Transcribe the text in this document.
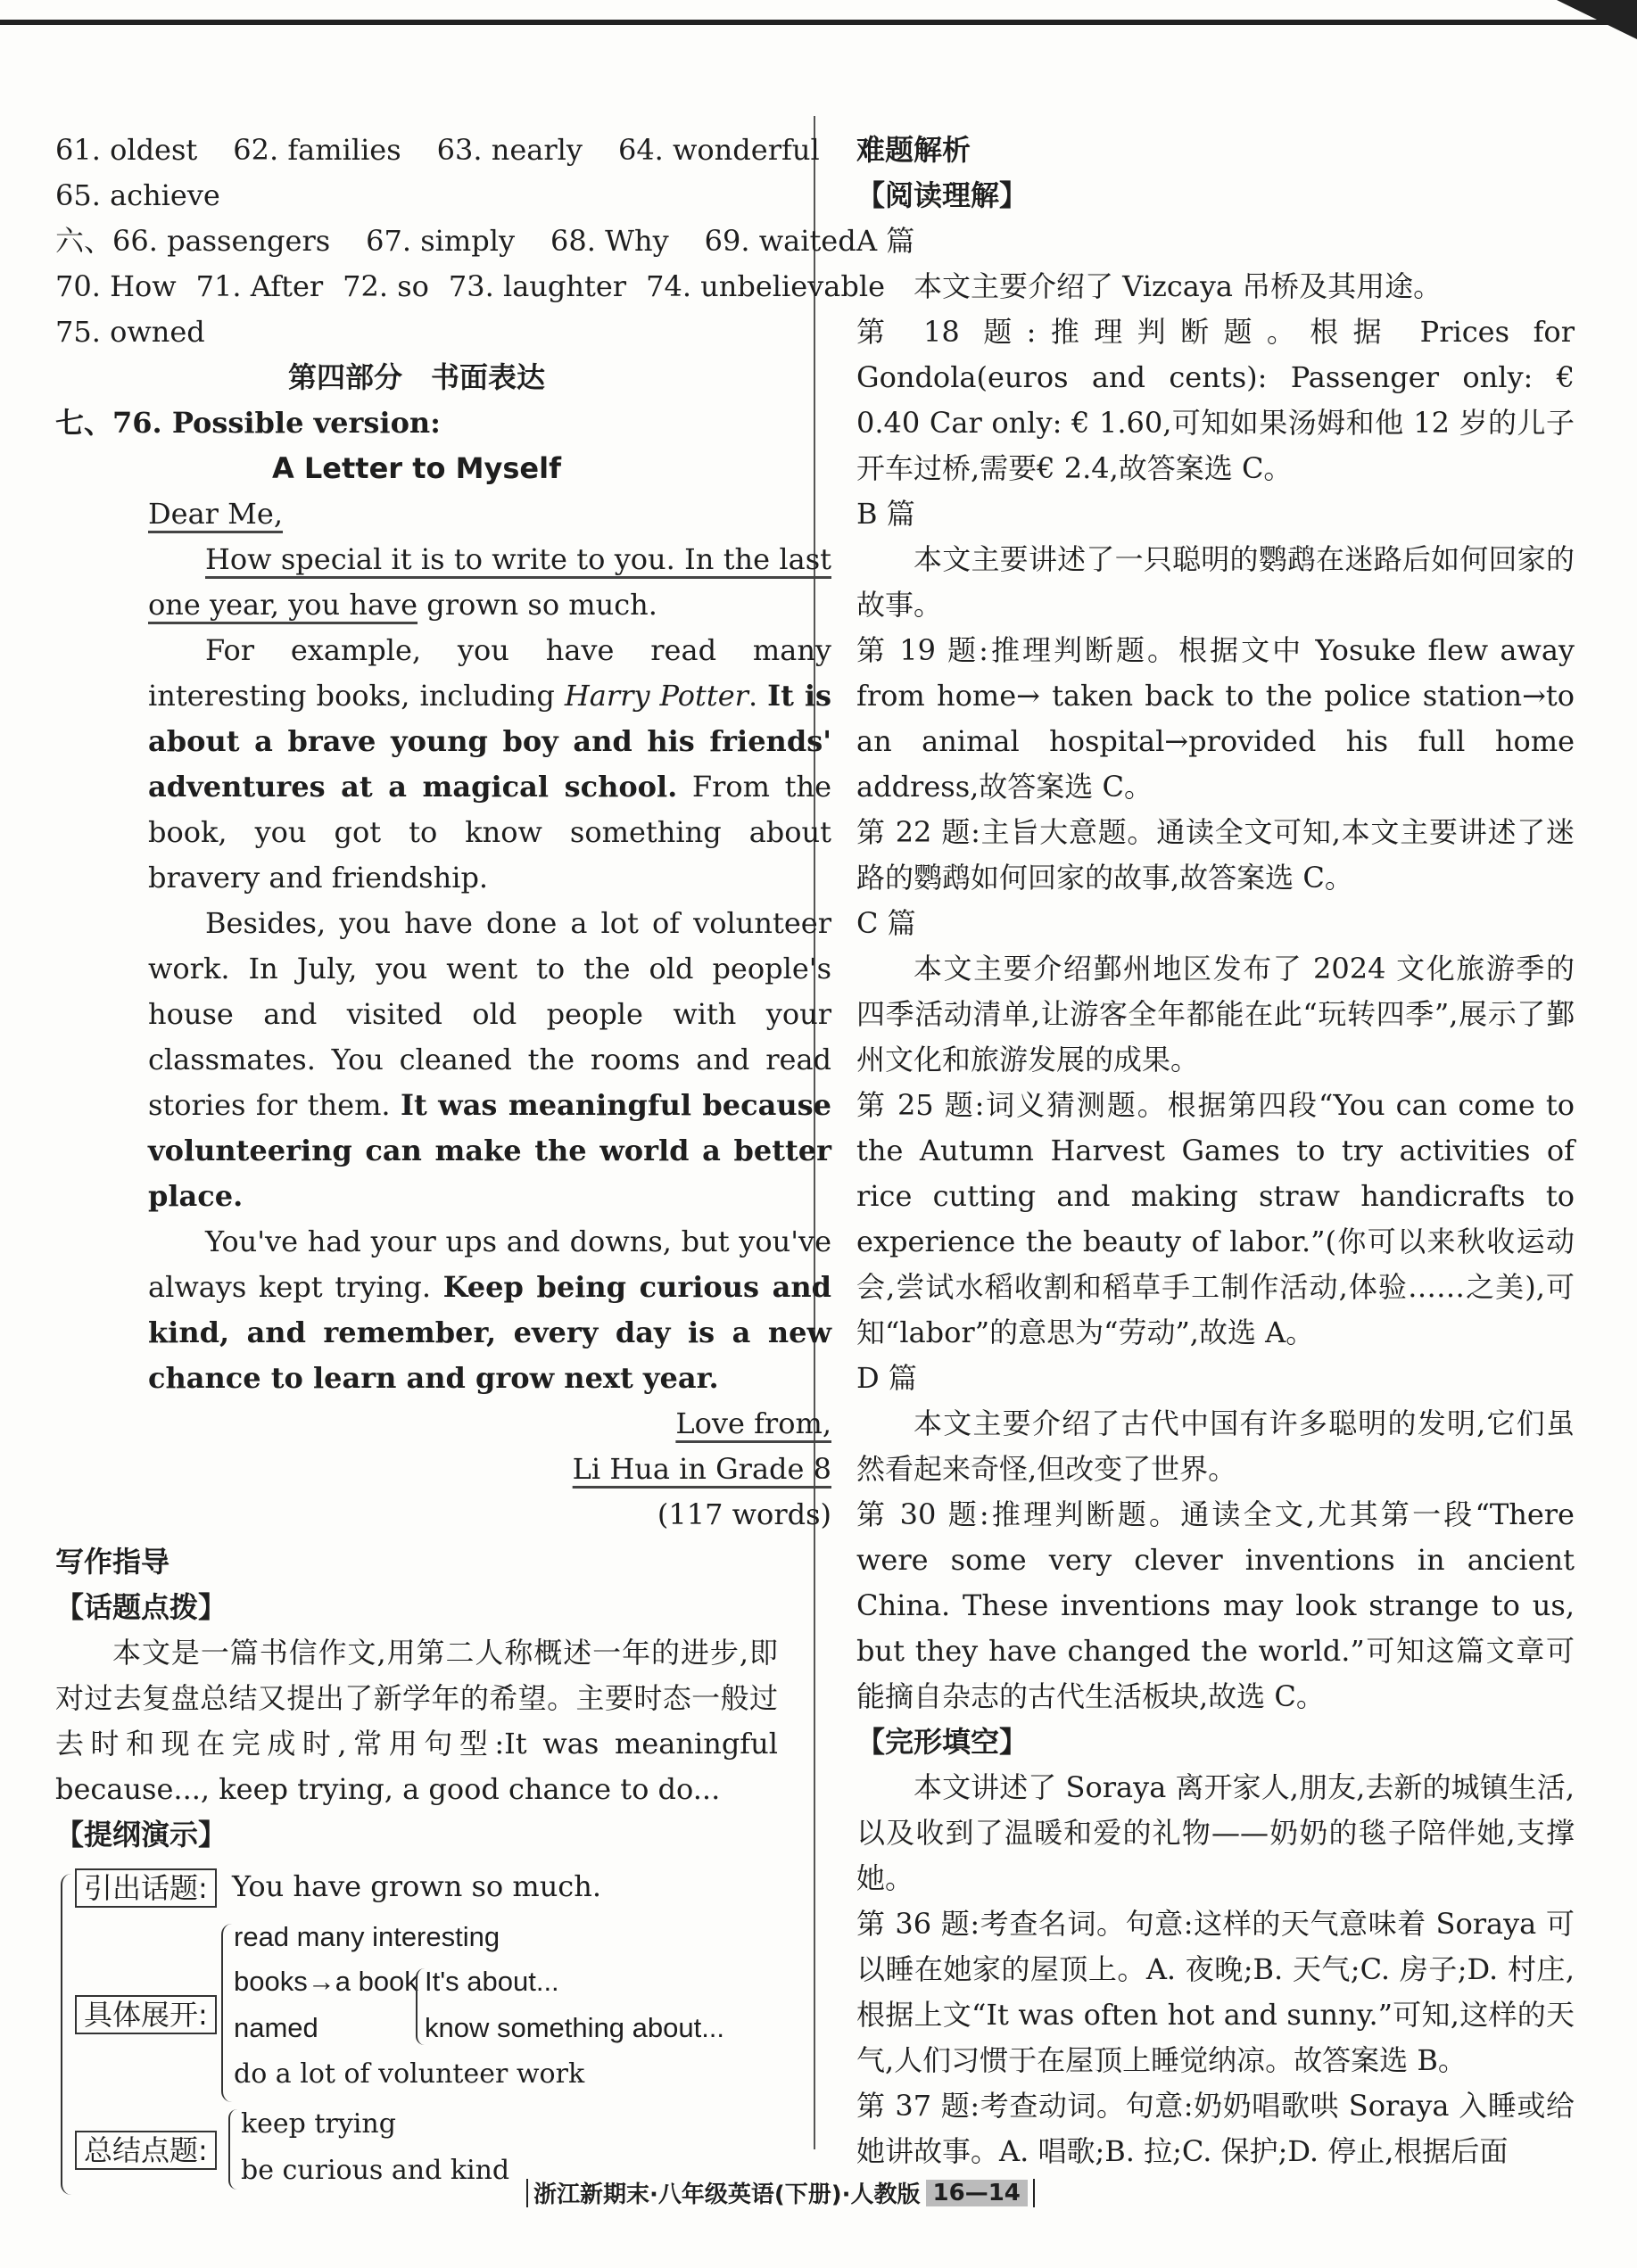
61. oldest 62. families 63. nearly 64. wonderful
65. achieve
六、66. passengers 67. simply 68. Why 69. waited
70. How 71. After 72. so 73. laughter 74. unbelievable
75. owned
第四部分　书面表达
七、76. Possible version:
A Letter to Myself

Dear Me,

How special it is to write to you. In the last one year, you have grown so much.

For example, you have read many interesting books, including Harry Potter. It is about a brave young boy and his friends' adventures at a magical school. From the book, you got to know something about bravery and friendship.

Besides, you have done a lot of volunteer work. In July, you went to the old people's house and visited old people with your classmates. You cleaned the rooms and read stories for them. It was meaningful because volunteering can make the world a better place.

You've had your ups and downs, but you've always kept trying. Keep being curious and kind, and remember, every day is a new chance to learn and grow next year.

Love from,

Li Hua in Grade 8

(117 words)

写作指导
【话题点拨】

本文是一篇书信作文,用第二人称概述一年的进步,即对过去复盘总结又提出了新学年的希望。主要时态一般过去时和现在完成时,常用句型:It was meaningful because..., keep trying, a good chance to do...

【提纲演示】
引出话题: You have grown so much.
具体展开:
read many interesting
books→a book
named
It's about...
know something about...
do a lot of volunteer work
总结点题:
keep trying
be curious and kind
难题解析
【阅读理解】
A 篇

本文主要介绍了 Vizcaya 吊桥及其用途。

第 18 题:推理判断题。根据 Prices for Gondola(euros and cents): Passenger only: € 0.40 Car only: € 1.60,可知如果汤姆和他 12 岁的儿子开车过桥,需要€ 2.4,故答案选 C。

B 篇

本文主要讲述了一只聪明的鹦鹉在迷路后如何回家的故事。

第 19 题:推理判断题。根据文中 Yosuke flew away from home→ taken back to the police station→to an animal hospital→provided his full home address,故答案选 C。

第 22 题:主旨大意题。通读全文可知,本文主要讲述了迷路的鹦鹉如何回家的故事,故答案选 C。

C 篇

本文主要介绍鄞州地区发布了 2024 文化旅游季的四季活动清单,让游客全年都能在此“玩转四季”,展示了鄞州文化和旅游发展的成果。

第 25 题:词义猜测题。根据第四段“You can come to the Autumn Harvest Games to try activities of rice cutting and making straw handicrafts to experience the beauty of labor.”(你可以来秋收运动会,尝试水稻收割和稻草手工制作活动,体验……之美),可知“labor”的意思为“劳动”,故选 A。

D 篇

本文主要介绍了古代中国有许多聪明的发明,它们虽然看起来奇怪,但改变了世界。

第 30 题:推理判断题。通读全文,尤其第一段“There were some very clever inventions in ancient China. These inventions may look strange to us, but they have changed the world.”可知这篇文章可能摘自杂志的古代生活板块,故选 C。

【完形填空】

本文讲述了 Soraya 离开家人,朋友,去新的城镇生活,以及收到了温暖和爱的礼物——奶奶的毯子陪伴她,支撑她。

第 36 题:考查名词。句意:这样的天气意味着 Soraya 可以睡在她家的屋顶上。A. 夜晚;B. 天气;C. 房子;D. 村庄,根据上文“It was often hot and sunny.”可知,这样的天气,人们习惯于在屋顶上睡觉纳凉。故答案选 B。

第 37 题:考查动词。句意:奶奶唱歌哄 Soraya 入睡或给她讲故事。A. 唱歌;B. 拉;C. 保护;D. 停止,根据后面

浙江新期末·八年级英语(下册)·人教版 16—14
